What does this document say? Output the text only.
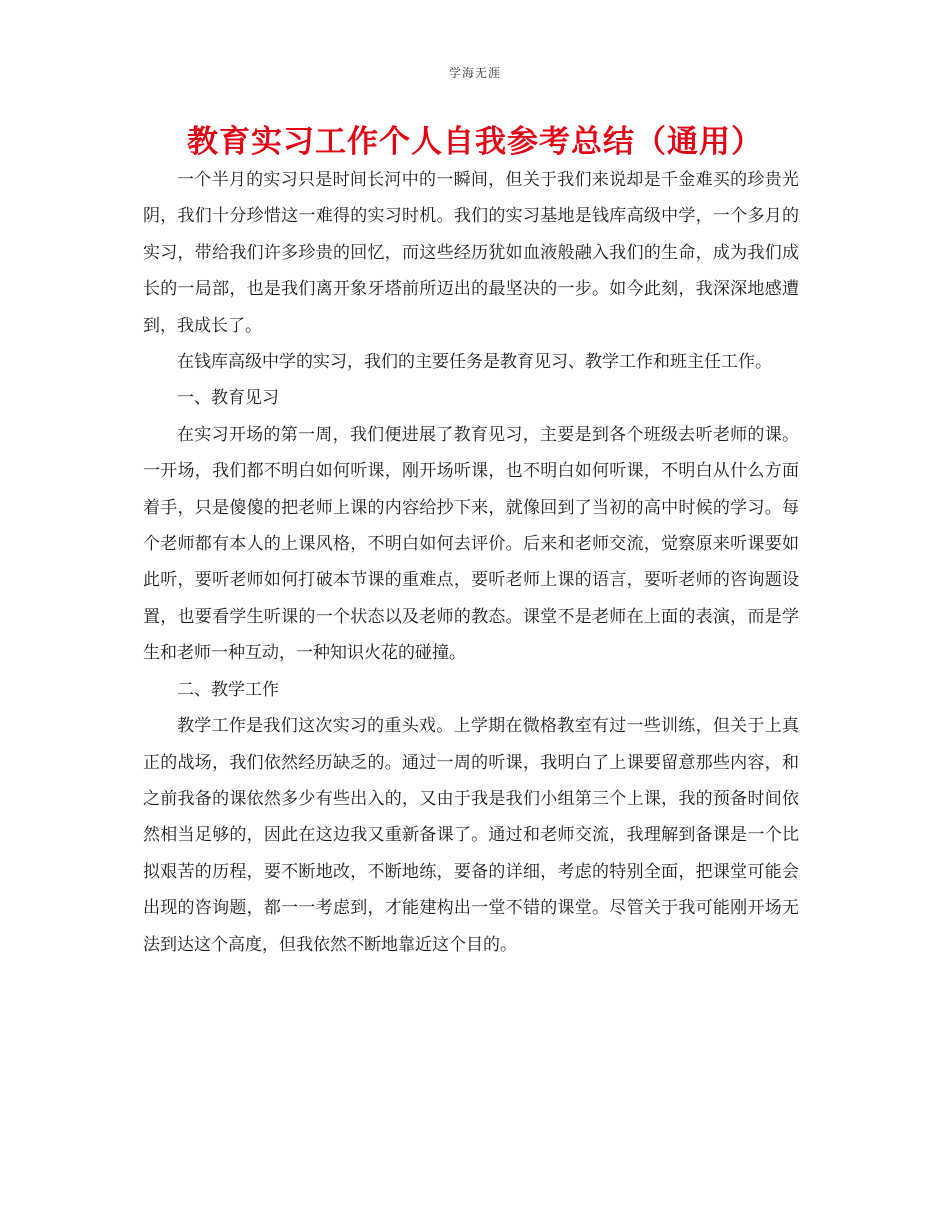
学海无涯
教育实习工作个人自我参考总结（通用）

一个半月的实习只是时间长河中的一瞬间，但关于我们来说却是千金难买的珍贵光阴，我们十分珍惜这一难得的实习时机。我们的实习基地是钱库高级中学，一个多月的实习，带给我们许多珍贵的回忆，而这些经历犹如血液般融入我们的生命，成为我们成长的一局部，也是我们离开象牙塔前所迈出的最坚决的一步。如今此刻，我深深地感遭到，我成长了。

在钱库高级中学的实习，我们的主要任务是教育见习、教学工作和班主任工作。

一、教育见习

在实习开场的第一周，我们便进展了教育见习，主要是到各个班级去听老师的课。一开场，我们都不明白如何听课，刚开场听课，也不明白如何听课，不明白从什么方面着手，只是傻傻的把老师上课的内容给抄下来，就像回到了当初的高中时候的学习。每个老师都有本人的上课风格，不明白如何去评价。后来和老师交流，觉察原来听课要如此听，要听老师如何打破本节课的重难点，要听老师上课的语言，要听老师的咨询题设置，也要看学生听课的一个状态以及老师的教态。课堂不是老师在上面的表演，而是学生和老师一种互动，一种知识火花的碰撞。

二、教学工作

教学工作是我们这次实习的重头戏。上学期在微格教室有过一些训练，但关于上真正的战场，我们依然经历缺乏的。通过一周的听课，我明白了上课要留意那些内容，和之前我备的课依然多少有些出入的，又由于我是我们小组第三个上课，我的预备时间依然相当足够的，因此在这边我又重新备课了。通过和老师交流，我理解到备课是一个比拟艰苦的历程，要不断地改，不断地练，要备的详细，考虑的特别全面，把课堂可能会出现的咨询题，都一一考虑到，才能建构出一堂不错的课堂。尽管关于我可能刚开场无法到达这个高度，但我依然不断地靠近这个目的。
